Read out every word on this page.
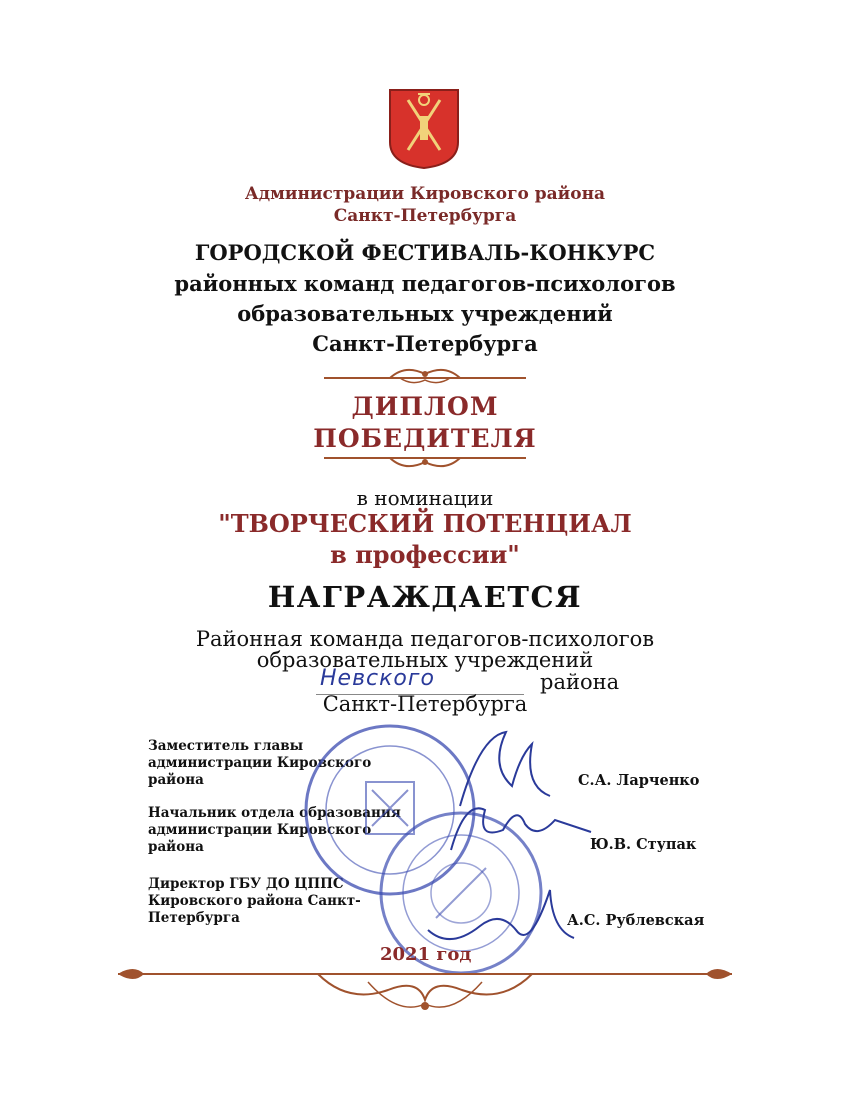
Администрации Кировского района
Санкт-Петербурга
ГОРОДСКОЙ ФЕСТИВАЛЬ-КОНКУРС
районных команд педагогов-психологов
образовательных учреждений
Санкт-Петербурга
ДИПЛОМ
ПОБЕДИТЕЛЯ
в номинации
"ТВОРЧЕСКИЙ ПОТЕНЦИАЛ
в профессии"
НАГРАЖДАЕТСЯ
Районная команда педагогов-психологов
образовательных учреждений
Невского	района
Санкт-Петербурга
Заместитель главы
администрации Кировского
района	С.А. Ларченко
Начальник отдела образования
администрации Кировского
района	Ю.В. Ступак
Директор ГБУ ДО ЦППС
Кировского района Санкт-
Петербурга	А.С. Рублевская
2021 год
